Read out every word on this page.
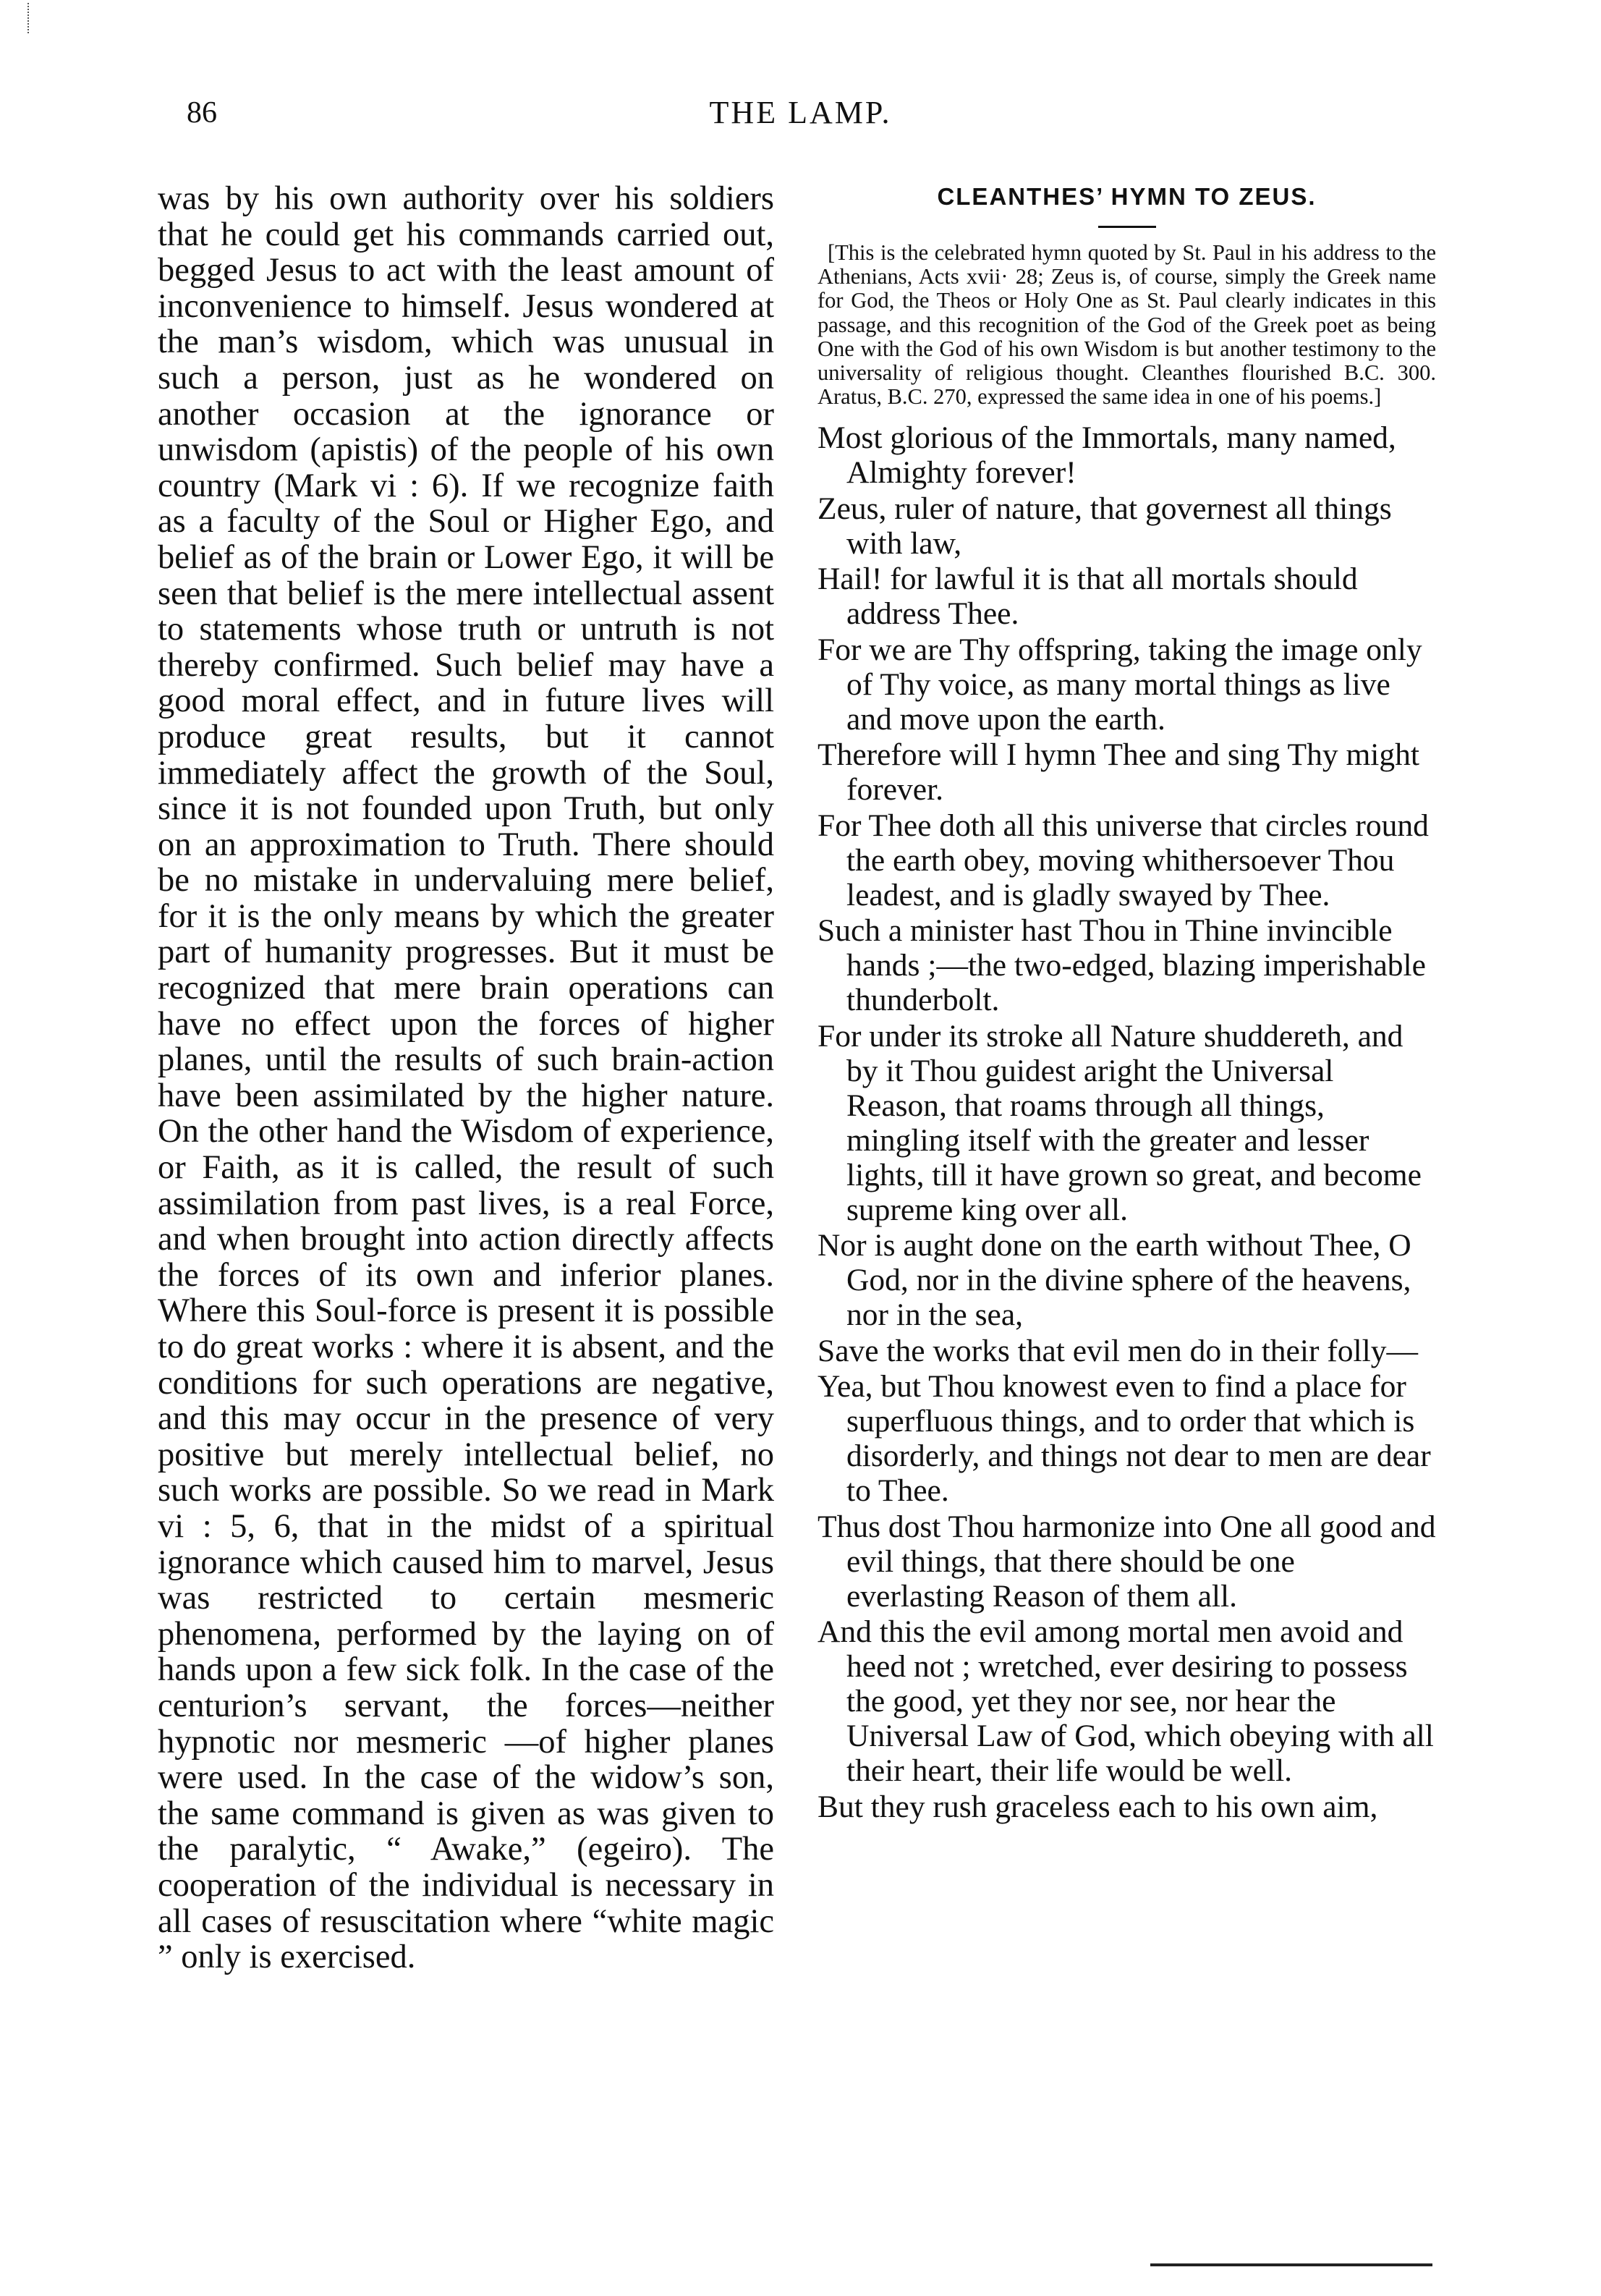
86	THE LAMP.
was by his own authority over his soldiers that he could get his commands carried out, begged Jesus to act with the least amount of inconvenience to himself. Jesus wondered at the man’s wisdom, which was unusual in such a person, just as he wondered on another occasion at the ignorance or unwisdom (apistis) of the people of his own country (Mark vi : 6). If we recognize faith as a faculty of the Soul or Higher Ego, and belief as of the brain or Lower Ego, it will be seen that belief is the mere intellectual assent to statements whose truth or untruth is not thereby confirmed. Such belief may have a good moral effect, and in future lives will produce great results, but it cannot immediately affect the growth of the Soul, since it is not founded upon Truth, but only on an approximation to Truth. There should be no mistake in undervaluing mere belief, for it is the only means by which the greater part of humanity progresses. But it must be recognized that mere brain operations can have no effect upon the forces of higher planes, until the results of such brain-action have been assimilated by the higher nature. On the other hand the Wisdom of experience, or Faith, as it is called, the result of such assimilation from past lives, is a real Force, and when brought into action directly affects the forces of its own and inferior planes. Where this Soul-force is present it is possible to do great works : where it is absent, and the conditions for such operations are negative, and this may occur in the presence of very positive but merely intellectual belief, no such works are possible. So we read in Mark vi : 5, 6, that in the midst of a spiritual ignorance which caused him to marvel, Jesus was restricted to certain mesmeric phenomena, performed by the laying on of hands upon a few sick folk. In the case of the centurion’s servant, the forces—neither hypnotic nor mesmeric —of higher planes were used. In the case of the widow’s son, the same command is given as was given to the paralytic, “ Awake,” (egeiro). The cooperation of the individual is necessary in all cases of resuscitation where “white magic ” only is exercised.
CLEANTHES’ HYMN TO ZEUS.

[This is the celebrated hymn quoted by St. Paul in his address to the Athenians, Acts xvii· 28; Zeus is, of course, simply the Greek name for God, the Theos or Holy One as St. Paul clearly indicates in this passage, and this recognition of the God of the Greek poet as being One with the God of his own Wisdom is but another testimony to the universality of religious thought. Cleanthes flourished B.C. 300. Aratus, B.C. 270, expressed the same idea in one of his poems.]

Most glorious of the Immortals, many named, Almighty forever!
Zeus, ruler of nature, that governest all things with law,
Hail! for lawful it is that all mortals should address Thee.
For we are Thy offspring, taking the image only of Thy voice, as many mortal things as live and move upon the earth.
Therefore will I hymn Thee and sing Thy might forever.
For Thee doth all this universe that circles round the earth obey, moving whithersoever Thou leadest, and is gladly swayed by Thee.
Such a minister hast Thou in Thine invincible hands ;—the two-edged, blazing imperishable thunderbolt.
For under its stroke all Nature shuddereth, and by it Thou guidest aright the Universal Reason, that roams through all things, mingling itself with the greater and lesser lights, till it have grown so great, and become supreme king over all.
Nor is aught done on the earth without Thee, O God, nor in the divine sphere of the heavens, nor in the sea,
Save the works that evil men do in their folly—
Yea, but Thou knowest even to find a place for superfluous things, and to order that which is disorderly, and things not dear to men are dear to Thee.
Thus dost Thou harmonize into One all good and evil things, that there should be one everlasting Reason of them all.
And this the evil among mortal men avoid and heed not ; wretched, ever desiring to possess the good, yet they nor see, nor hear the Universal Law of God, which obeying with all their heart, their life would be well.
But they rush graceless each to his own aim,
